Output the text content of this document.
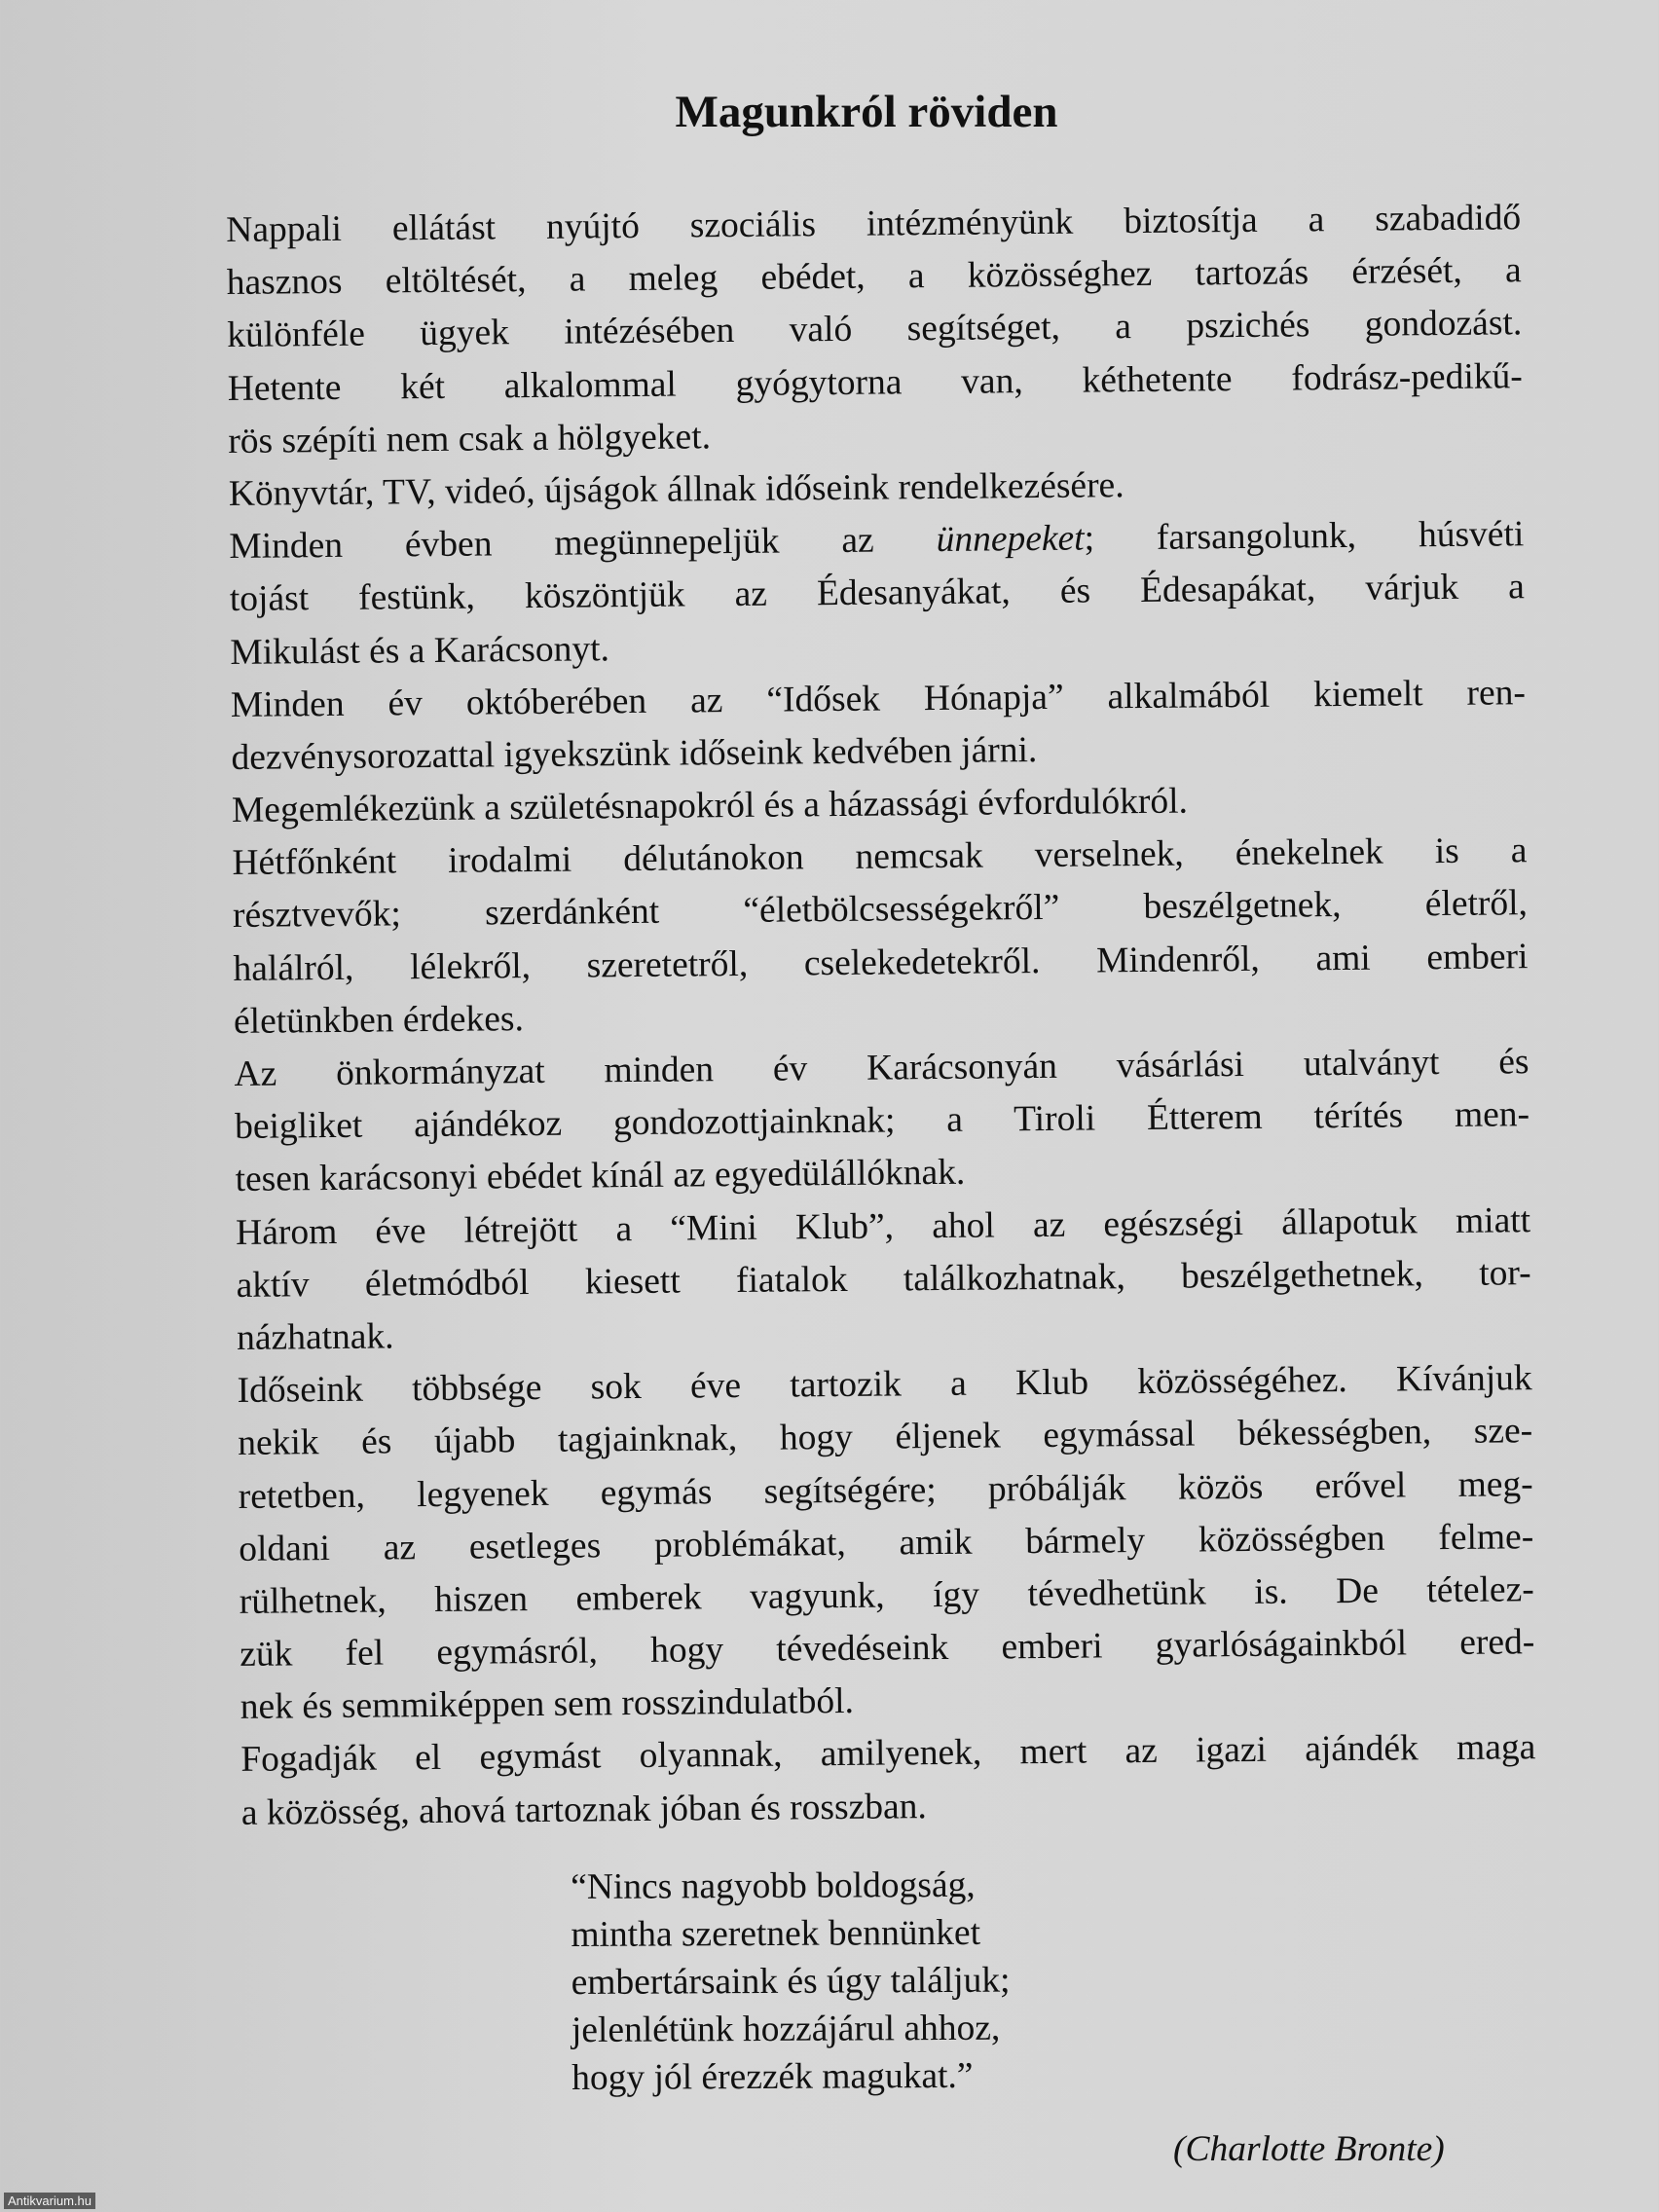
Magunkról röviden
Nappali ellátást nyújtó szociális intézményünk biztosítja a szabadidő
hasznos eltöltését, a meleg ebédet, a közösséghez tartozás érzését, a
különféle ügyek intézésében való segítséget, a pszichés gondozást.
Hetente két alkalommal gyógytorna van, kéthetente fodrász-pedikű-
rös szépíti nem csak a hölgyeket.
Könyvtár, TV, videó, újságok állnak időseink rendelkezésére.
Minden évben megünnepeljük az ünnepeket; farsangolunk, húsvéti
tojást festünk, köszöntjük az Édesanyákat, és Édesapákat, várjuk a
Mikulást és a Karácsonyt.
Minden év októberében az “Idősek Hónapja” alkalmából kiemelt ren-
dezvénysorozattal igyekszünk időseink kedvében járni.
Megemlékezünk a születésnapokról és a házassági évfordulókról.
Hétfőnként irodalmi délutánokon nemcsak verselnek, énekelnek is a
résztvevők; szerdánként “életbölcsességekről” beszélgetnek, életről,
halálról, lélekről, szeretetről, cselekedetekről. Mindenről, ami emberi
életünkben érdekes.
Az önkormányzat minden év Karácsonyán vásárlási utalványt és
beigliket ajándékoz gondozottjainknak; a Tiroli Étterem térítés men-
tesen karácsonyi ebédet kínál az egyedülállóknak.
Három éve létrejött a “Mini Klub”, ahol az egészségi állapotuk miatt
aktív életmódból kiesett fiatalok találkozhatnak, beszélgethetnek, tor-
názhatnak.
Időseink többsége sok éve tartozik a Klub közösségéhez. Kívánjuk
nekik és újabb tagjainknak, hogy éljenek egymással békességben, sze-
retetben, legyenek egymás segítségére; próbálják közös erővel meg-
oldani az esetleges problémákat, amik bármely közösségben felme-
rülhetnek, hiszen emberek vagyunk, így tévedhetünk is. De tételez-
zük fel egymásról, hogy tévedéseink emberi gyarlóságainkból ered-
nek és semmiképpen sem rosszindulatból.
Fogadják el egymást olyannak, amilyenek, mert az igazi ajándék maga
a közösség, ahová tartoznak jóban és rosszban.
“Nincs nagyobb boldogság,
mintha szeretnek bennünket
embertársaink és úgy találjuk;
jelenlétünk hozzájárul ahhoz,
hogy jól érezzék magukat.”
(Charlotte Bronte)
Antikvarium.hu
